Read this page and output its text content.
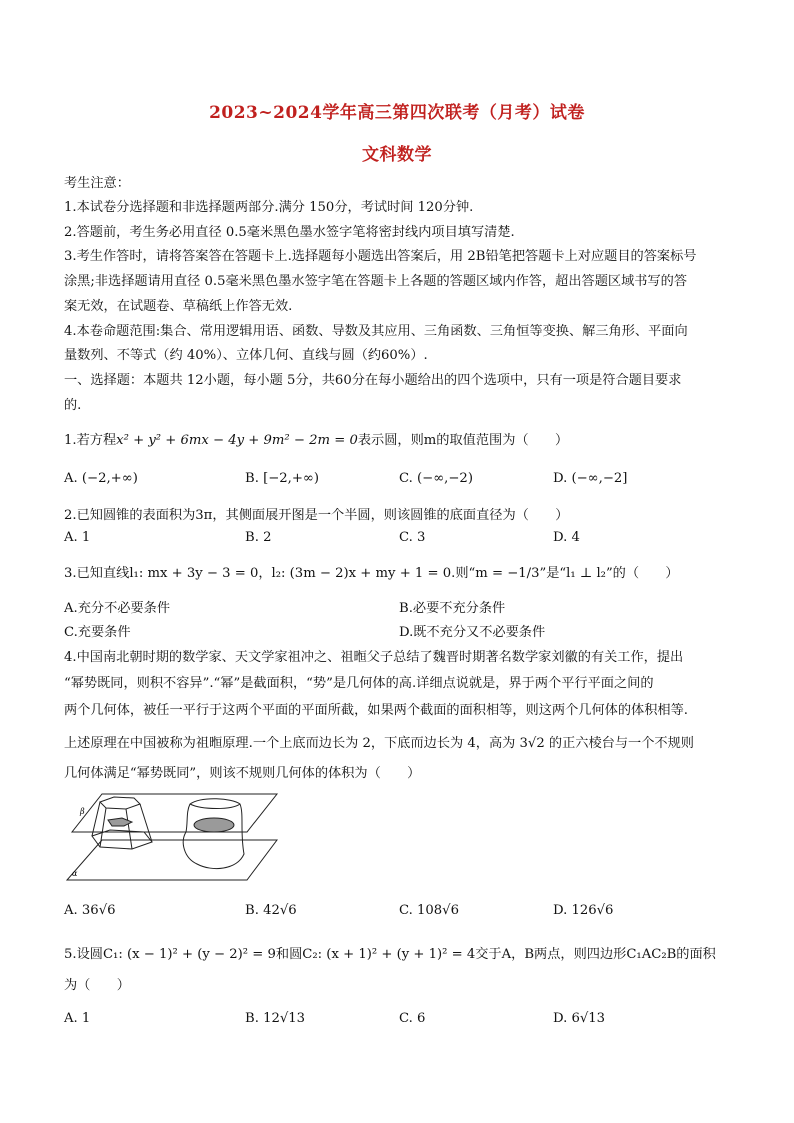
2023~2024学年高三第四次联考（月考）试卷
文科数学
考生注意：
1.本试卷分选择题和非选择题两部分.满分 150分，考试时间 120分钟.
2.答题前，考生务必用直径 0.5毫米黑色墨水签字笔将密封线内项目填写清楚.
3.考生作答时，请将答案答在答题卡上.选择题每小题选出答案后，用 2B铅笔把答题卡上对应题目的答案标号
涂黑;非选择题请用直径 0.5毫米黑色墨水签字笔在答题卡上各题的答题区域内作答，超出答题区域书写的答
案无效，在试题卷、草稿纸上作答无效.
4.本卷命题范围:集合、常用逻辑用语、函数、导数及其应用、三角函数、三角恒等变换、解三角形、平面向
量数列、不等式（约 40%）、立体几何、直线与圆（约60%）.
一、选择题：本题共 12小题，每小题 5分，共60分在每小题给出的四个选项中，只有一项是符合题目要求
的.
1.若方程x² + y² + 6mx − 4y + 9m² − 2m = 0表示圆，则m的取值范围为（　　）
A. (−2,+∞)	B. [−2,+∞)	C. (−∞,−2)	D. (−∞,−2]
2.已知圆锥的表面积为3π，其侧面展开图是一个半圆，则该圆锥的底面直径为（　　）
A. 1	B. 2	C. 3	D. 4
3.已知直线l₁: mx + 3y − 3 = 0，l₂: (3m − 2)x + my + 1 = 0.则“m = −1/3”是“l₁ ⊥ l₂”的（　　）
A.充分不必要条件	B.必要不充分条件
C.充要条件	D.既不充分又不必要条件
4.中国南北朝时期的数学家、天文学家祖冲之、祖暅父子总结了魏晋时期著名数学家刘徽的有关工作，提出
“幂势既同，则积不容异”.“幂”是截面积，“势”是几何体的高.详细点说就是，界于两个平行平面之间的
两个几何体，被任一平行于这两个平面的平面所截，如果两个截面的面积相等，则这两个几何体的体积相等.
上述原理在中国被称为祖暅原理.一个上底而边长为 2，下底而边长为 4，高为 3√2 的正六棱台与一个不规则
几何体满足“幂势既同”，则该不规则几何体的体积为（　　）
β
α
A. 36√6	B. 42√6	C. 108√6	D. 126√6
5.设圆C₁: (x − 1)² + (y − 2)² = 9和圆C₂: (x + 1)² + (y + 1)² = 4交于A，B两点，则四边形C₁AC₂B的面积
为（　　）
A. 1	B. 12√13	C. 6	D. 6√13
